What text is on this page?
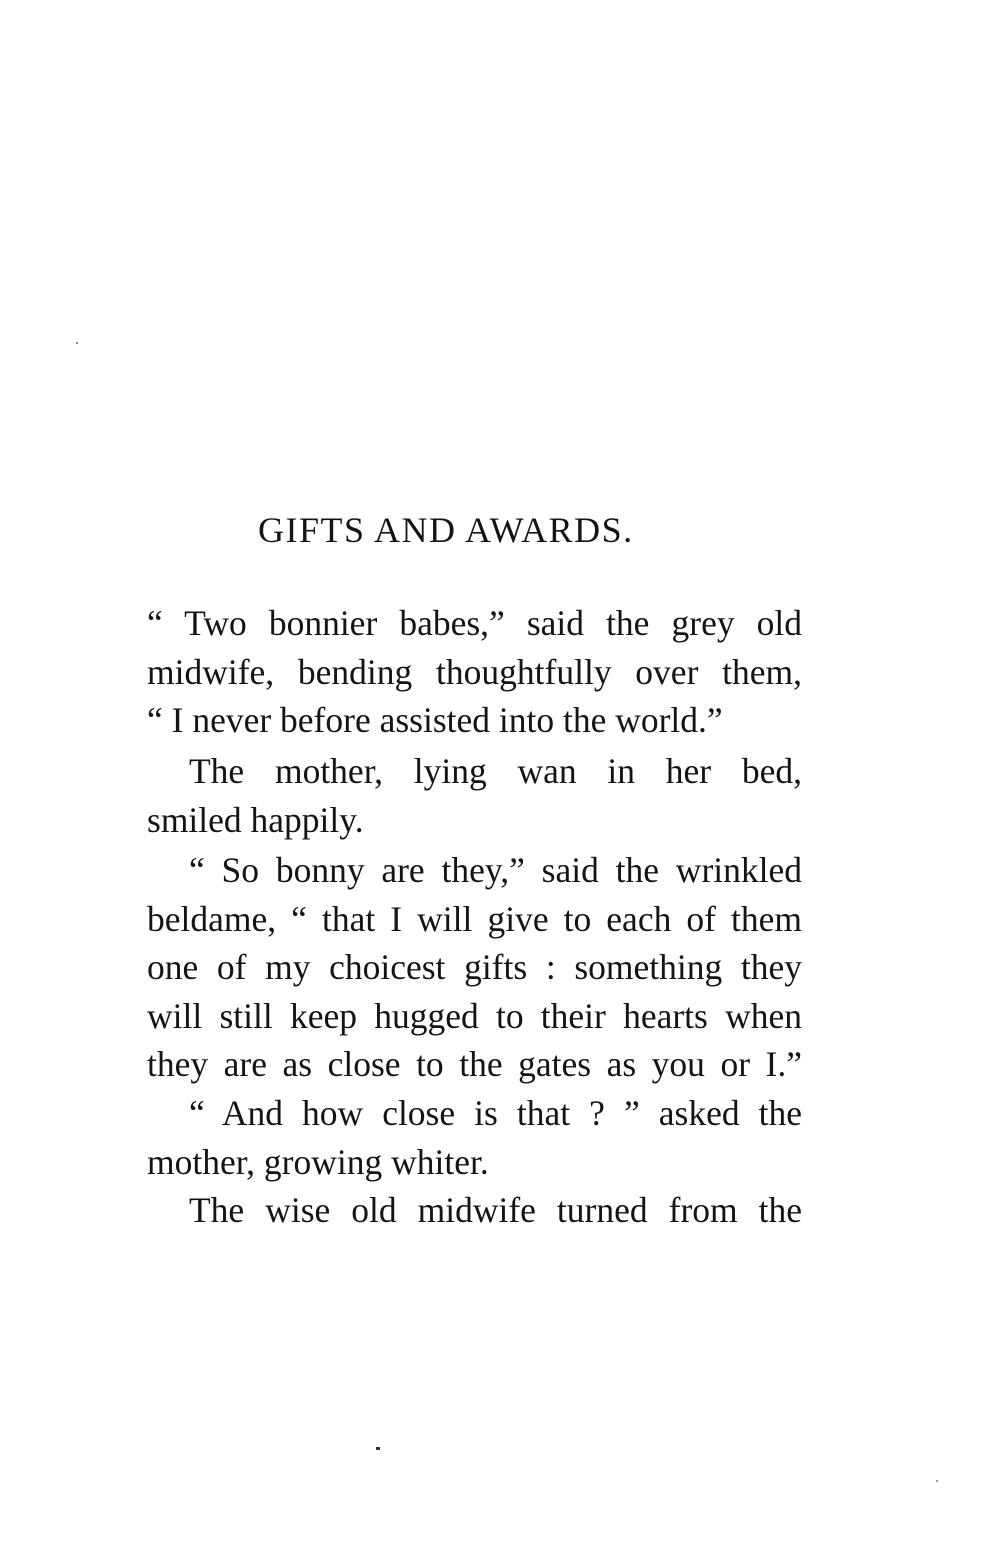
GIFTS AND AWARDS.
“ Two bonnier babes,” said the grey old
midwife, bending thoughtfully over them,
“ I never before assisted into the world.”
The mother, lying wan in her bed,
smiled happily.
“ So bonny are they,” said the wrinkled
beldame, “ that I will give to each of them
one of my choicest gifts : something they
will still keep hugged to their hearts when
they are as close to the gates as you or I.”
“ And how close is that ? ” asked the
mother, growing whiter.
The wise old midwife turned from the
